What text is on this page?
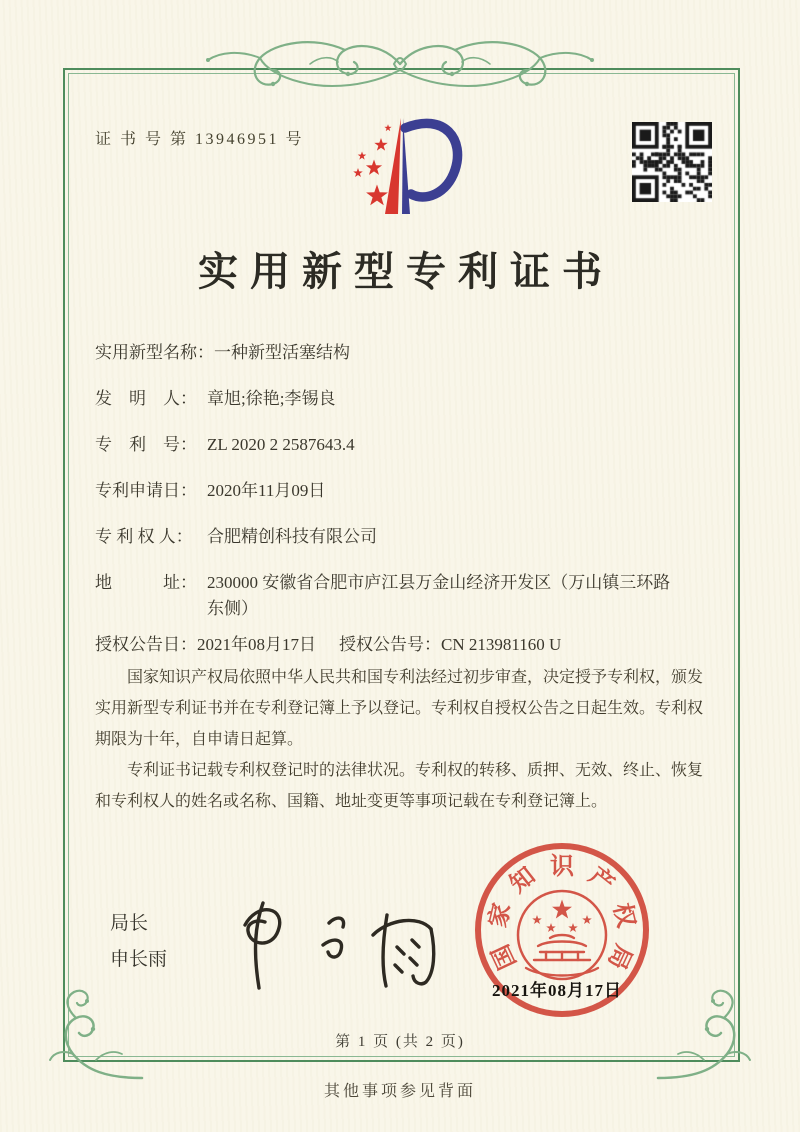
证 书 号 第 13946951 号
实用新型专利证书
实用新型名称：一种新型活塞结构
发　明　人： 章旭;徐艳;李锡良
专　利　号： ZL 2020 2 2587643.4
专利申请日： 2020年11月09日
专 利 权 人： 合肥精创科技有限公司
地　　　址： 230000 安徽省合肥市庐江县万金山经济开发区（万山镇三环路东侧）
授权公告日：2021年08月17日 授权公告号：CN 213981160 U

国家知识产权局依照中华人民共和国专利法经过初步审查，决定授予专利权，颁发实用新型专利证书并在专利登记簿上予以登记。专利权自授权公告之日起生效。专利权期限为十年，自申请日起算。

专利证书记载专利权登记时的法律状况。专利权的转移、质押、无效、终止、恢复和专利权人的姓名或名称、国籍、地址变更等事项记载在专利登记簿上。

局长
申长雨	国
家
知 识 产
权
局
2021年08月17日
第 1 页 (共 2 页)
其他事项参见背面
